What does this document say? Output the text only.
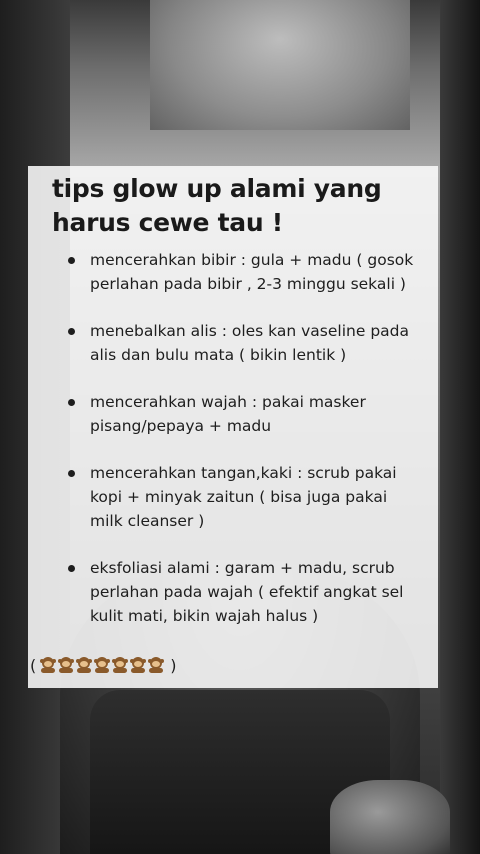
tips glow up alami yang harus cewe tau !
mencerahkan bibir : gula + madu ( gosok perlahan pada bibir , 2-3 minggu sekali )
menebalkan alis : oles kan vaseline pada alis dan bulu mata ( bikin lentik )
mencerahkan wajah : pakai masker pisang/pepaya + madu
mencerahkan tangan,kaki : scrub pakai kopi + minyak zaitun ( bisa juga pakai milk cleanser )
eksfoliasi alami : garam + madu, scrub perlahan pada wajah ( efektif angkat sel kulit mati, bikin wajah halus )
(	)
